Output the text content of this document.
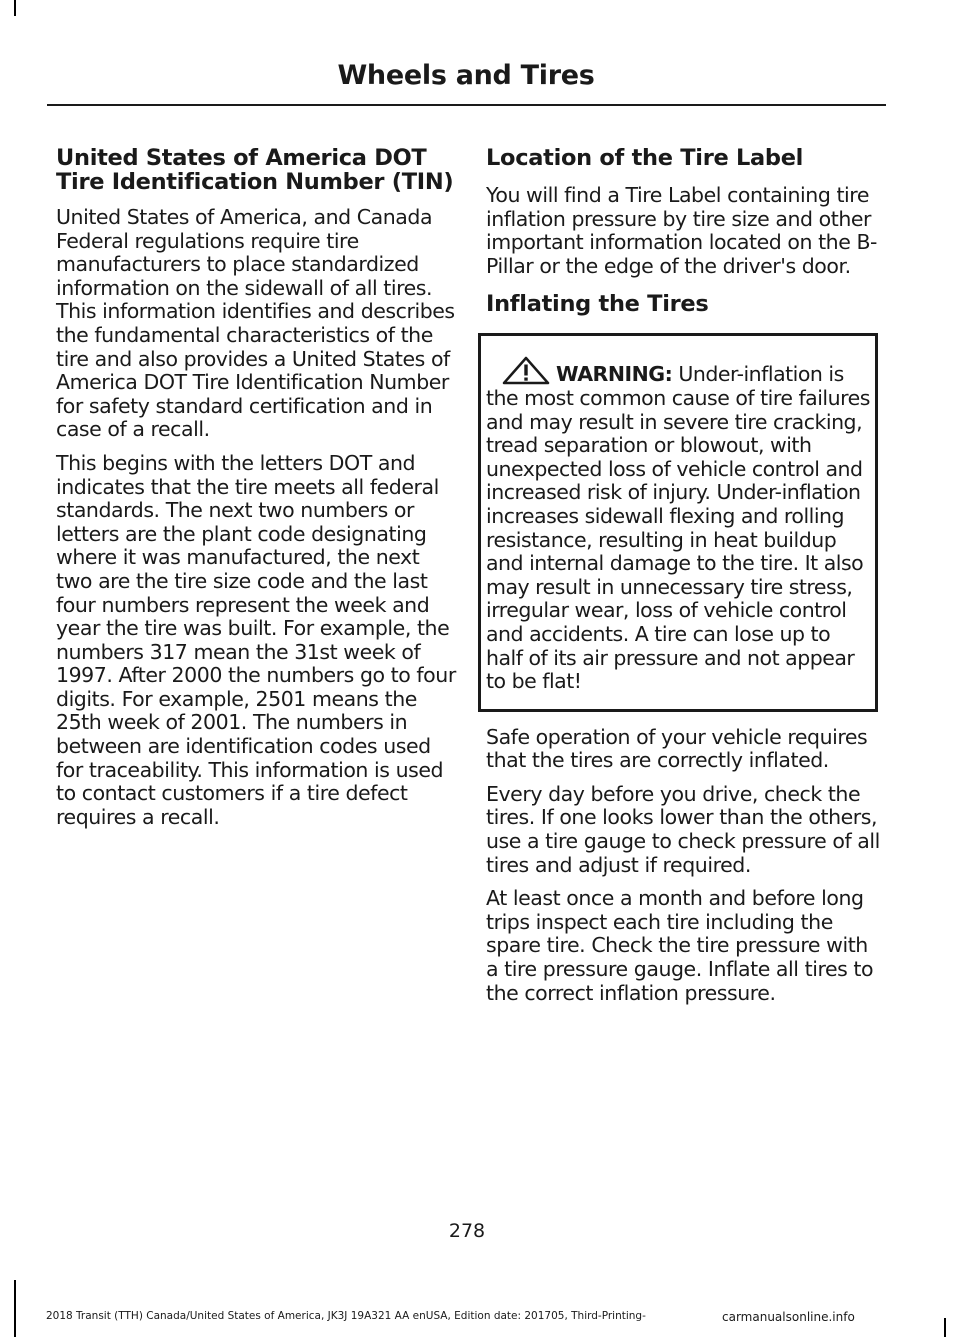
Wheels and Tires
United States of America DOT Tire Identification Number (TIN)

United States of America, and Canada Federal regulations require tire manufacturers to place standardized information on the sidewall of all tires. This information identifies and describes the fundamental characteristics of the tire and also provides a United States of America DOT Tire Identification Number for safety standard certification and in case of a recall.

This begins with the letters DOT and indicates that the tire meets all federal standards. The next two numbers or letters are the plant code designating where it was manufactured, the next two are the tire size code and the last four numbers represent the week and year the tire was built. For example, the numbers 317 mean the 31st week of 1997. After 2000 the numbers go to four digits. For example, 2501 means the 25th week of 2001. The numbers in between are identification codes used for traceability. This information is used to contact customers if a tire defect requires a recall.

Location of the Tire Label

You will find a Tire Label containing tire inflation pressure by tire size and other important information located on the B-Pillar or the edge of the driver's door.

Inflating the Tires

WARNING: Under-inflation is the most common cause of tire failures and may result in severe tire cracking, tread separation or blowout, with unexpected loss of vehicle control and increased risk of injury. Under-inflation increases sidewall flexing and rolling resistance, resulting in heat buildup and internal damage to the tire. It also may result in unnecessary tire stress, irregular wear, loss of vehicle control and accidents. A tire can lose up to half of its air pressure and not appear to be flat!

Safe operation of your vehicle requires that the tires are correctly inflated.

Every day before you drive, check the tires. If one looks lower than the others, use a tire gauge to check pressure of all tires and adjust if required.

At least once a month and before long trips inspect each tire including the spare tire. Check the tire pressure with a tire pressure gauge. Inflate all tires to the correct inflation pressure.

278
2018 Transit (TTH) Canada/United States of America, JK3J 19A321 AA enUSA, Edition date: 201705, Third-Printing-	carmanualsonline.info
